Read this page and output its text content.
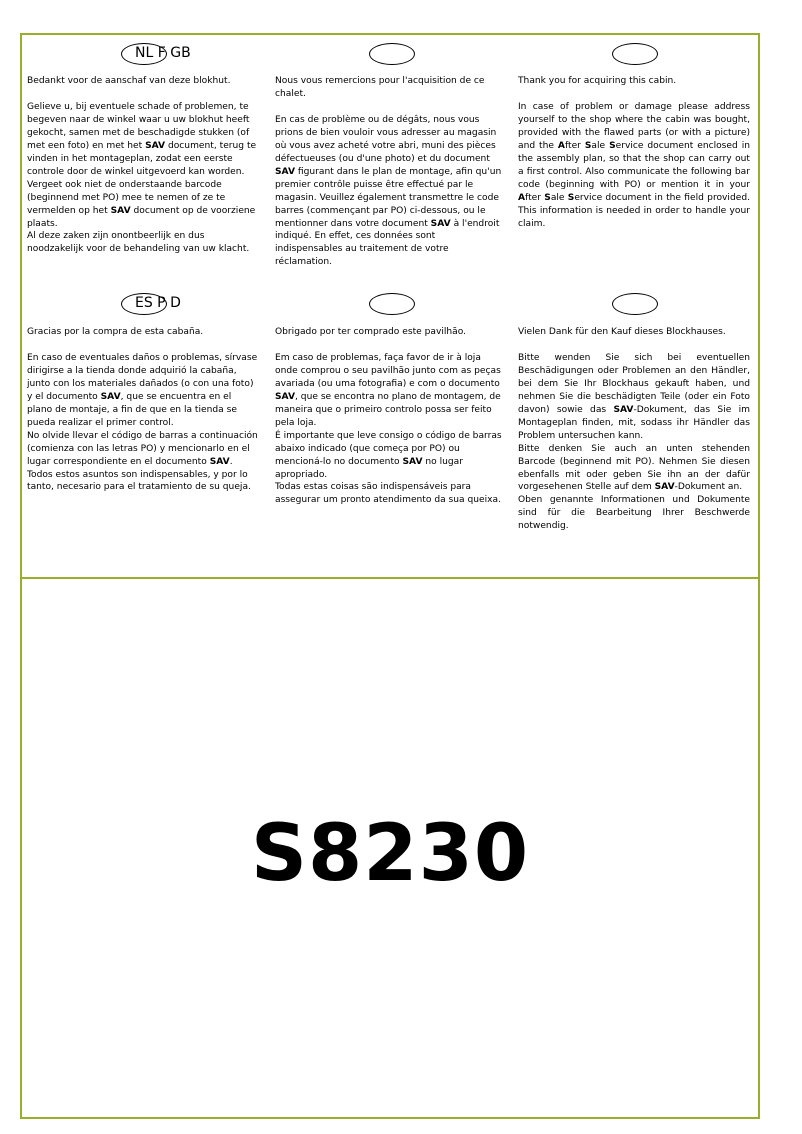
NL F GB

Bedankt voor de aanschaf van deze blokhut.

Gelieve u, bij eventuele schade of problemen, te begeven naar de winkel waar u uw blokhut heeft gekocht, samen met de beschadigde stukken (of met een foto) en met het SAV document, terug te vinden in het montageplan, zodat een eerste controle door de winkel uitgevoerd kan worden.

Vergeet ook niet de onderstaande barcode (beginnend met PO) mee te nemen of ze te vermelden op het SAV document op de voorziene plaats.

Al deze zaken zijn onontbeerlijk en dus noodzakelijk voor de behandeling van uw klacht.

Nous vous remercions pour l'acquisition de ce chalet.

En cas de problème ou de dégâts, nous vous prions de bien vouloir vous adresser au magasin où vous avez acheté votre abri, muni des pièces défectueuses (ou d'une photo) et du document SAV figurant dans le plan de montage, afin qu'un premier contrôle puisse être effectué par le magasin. Veuillez également transmettre le code barres (commençant par PO) ci-dessous, ou le mentionner dans votre document SAV à l'endroit indiqué. En effet, ces données sont indispensables au traitement de votre réclamation.

Thank you for acquiring this cabin.

In case of problem or damage please address yourself to the shop where the cabin was bought, provided with the flawed parts (or with a picture) and the After Sale Service document enclosed in the assembly plan, so that the shop can carry out a first control. Also communicate the following bar code (beginning with PO) or mention it in your After Sale Service document in the field provided. This information is needed in order to handle your claim.

ES P D

Gracias por la compra de esta cabaña.

En caso de eventuales daños o problemas, sírvase dirigirse a la tienda donde adquirió la cabaña, junto con los materiales dañados (o con una foto) y el documento SAV, que se encuentra en el plano de montaje, a fin de que en la tienda se pueda realizar el primer control.

No olvide llevar el código de barras a continuación (comienza con las letras PO) y mencionarlo en el lugar correspondiente en el documento SAV.

Todos estos asuntos son indispensables, y por lo tanto, necesario para el tratamiento de su queja.

Obrigado por ter comprado este pavilhão.

Em caso de problemas, faça favor de ir à loja onde comprou o seu pavilhão junto com as peças avariada (ou uma fotografia) e com o documento SAV, que se encontra no plano de montagem, de maneira que o primeiro controlo possa ser feito pela loja.

É importante que leve consigo o código de barras abaixo indicado (que começa por PO) ou mencioná-lo no documento SAV no lugar apropriado.

Todas estas coisas são indispensáveis para assegurar um pronto atendimento da sua queixa.

Vielen Dank für den Kauf dieses Blockhauses.

Bitte wenden Sie sich bei eventuellen Beschädigungen oder Problemen an den Händler, bei dem Sie Ihr Blockhaus gekauft haben, und nehmen Sie die beschädigten Teile (oder ein Foto davon) sowie das SAV-Dokument, das Sie im Montageplan finden, mit, sodass ihr Händler das Problem untersuchen kann.

Bitte denken Sie auch an unten stehenden Barcode (beginnend mit PO). Nehmen Sie diesen ebenfalls mit oder geben Sie ihn an der dafür vorgesehenen Stelle auf dem SAV-Dokument an.

Oben genannte Informationen und Dokumente sind für die Bearbeitung Ihrer Beschwerde notwendig.

S8230
